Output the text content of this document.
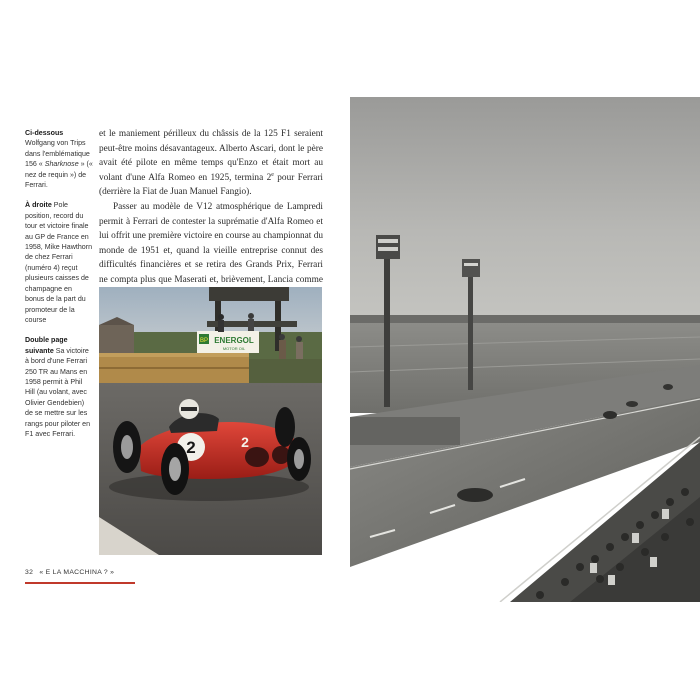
Ci-dessous Wolfgang von Trips dans l'emblématique 156 « Sharknose » (« nez de requin ») de Ferrari.

À droite Pole position, record du tour et victoire finale au GP de France en 1958, Mike Hawthorn de chez Ferrari (numéro 4) reçut plusieurs caisses de champagne en bonus de la part du promoteur de la course

Double page suivante Sa victoire à bord d'une Ferrari 250 TR au Mans en 1958 permit à Phil Hill (au volant, avec Olivier Gendebien) de se mettre sur les rangs pour piloter en F1 avec Ferrari.

et le maniement périlleux du châssis de la 125 F1 seraient peut-être moins désavantageux. Alberto Ascari, dont le père avait été pilote en même temps qu'Enzo et était mort au volant d'une Alfa Romeo en 1925, termina 2e pour Ferrari (derrière la Fiat de Juan Manuel Fangio).

Passer au modèle de V12 atmosphérique de Lampredi permit à Ferrari de contester la suprématie d'Alfa Romeo et lui offrit une première victoire en course au championnat du monde de 1951 et, quand la vieille entreprise connut des difficultés financières et se retira des Grands Prix, Ferrari ne compta plus que Maserati et, brièvement, Lancia comme

BP ENERGOL
MOTOR OIL
2	2
32 « E LA MACCHINA ? »
